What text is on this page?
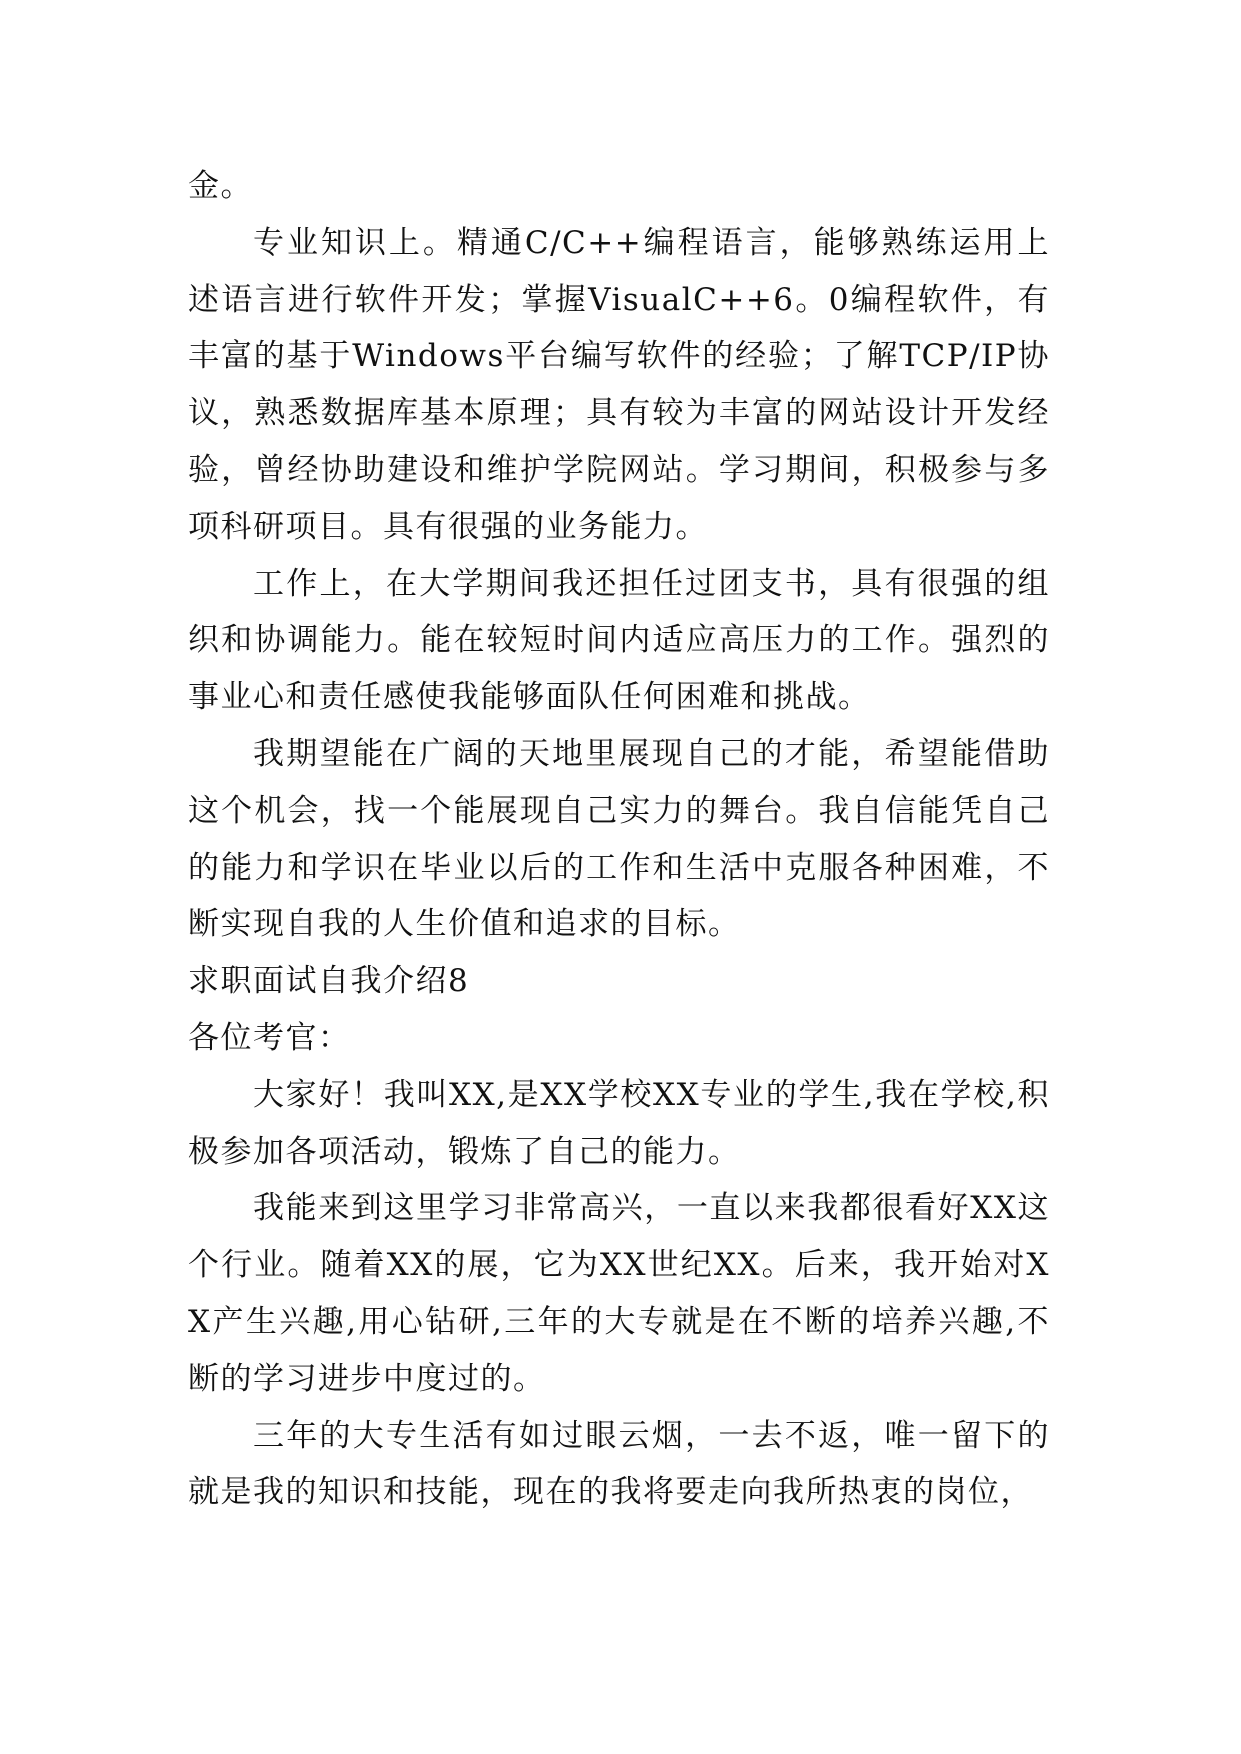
金。

专业知识上。精通C/C++编程语言，能够熟练运用上述语言进行软件开发；掌握VisualC++6。0编程软件，有丰富的基于Windows平台编写软件的经验；了解TCP/IP协议，熟悉数据库基本原理；具有较为丰富的网站设计开发经验，曾经协助建设和维护学院网站。学习期间，积极参与多项科研项目。具有很强的业务能力。

工作上，在大学期间我还担任过团支书，具有很强的组织和协调能力。能在较短时间内适应高压力的工作。强烈的事业心和责任感使我能够面队任何困难和挑战。

我期望能在广阔的天地里展现自己的才能，希望能借助这个机会，找一个能展现自己实力的舞台。我自信能凭自己的能力和学识在毕业以后的工作和生活中克服各种困难，不断实现自我的人生价值和追求的目标。

求职面试自我介绍8

各位考官：

大家好！我叫XX,是XX学校XX专业的学生,我在学校,积极参加各项活动，锻炼了自己的能力。

我能来到这里学习非常高兴，一直以来我都很看好XX这个行业。随着XX的展，它为XX世纪XX。后来，我开始对XX产生兴趣,用心钻研,三年的大专就是在不断的培养兴趣,不断的学习进步中度过的。

三年的大专生活有如过眼云烟，一去不返，唯一留下的就是我的知识和技能，现在的我将要走向我所热衷的岗位，
